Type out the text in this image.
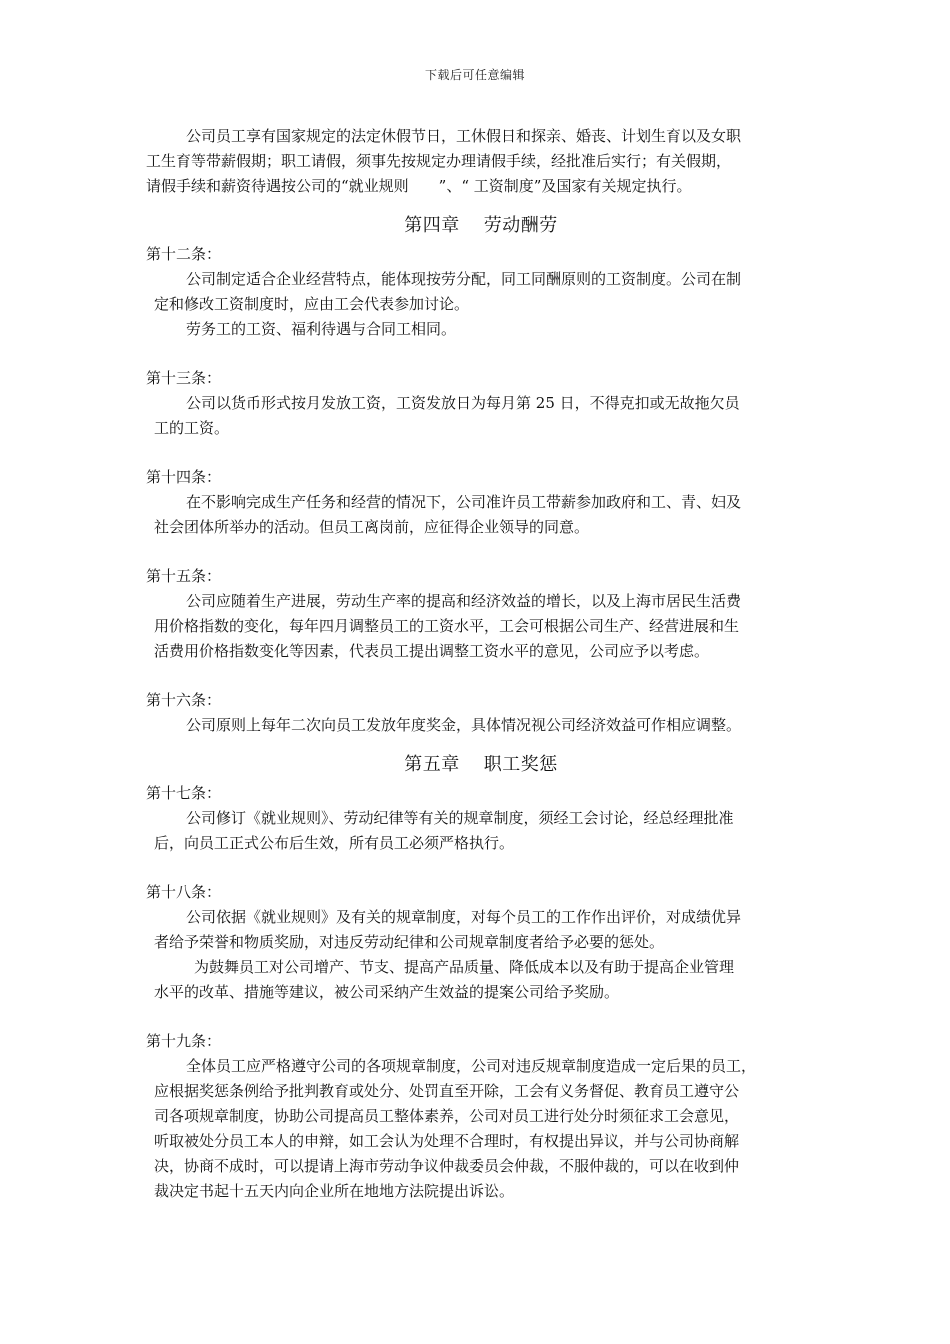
下载后可任意编辑
公司员工享有国家规定的法定休假节日，工休假日和探亲、婚丧、计划生育以及女职
工生育等带薪假期；职工请假，须事先按规定办理请假手续，经批准后实行；有关假期，
请假手续和薪资待遇按公司的“就业规则　　”、“ 工资制度”及国家有关规定执行。
第四章 劳动酬劳
第十二条：
公司制定适合企业经营特点，能体现按劳分配，同工同酬原则的工资制度。公司在制
定和修改工资制度时，应由工会代表参加讨论。
劳务工的工资、福利待遇与合同工相同。
第十三条：
公司以货币形式按月发放工资，工资发放日为每月第 25 日，不得克扣或无故拖欠员
工的工资。
第十四条：
在不影响完成生产任务和经营的情况下，公司准许员工带薪参加政府和工、青、妇及
社会团体所举办的活动。但员工离岗前，应征得企业领导的同意。
第十五条：
公司应随着生产进展，劳动生产率的提高和经济效益的增长，以及上海市居民生活费
用价格指数的变化，每年四月调整员工的工资水平，工会可根据公司生产、经营进展和生
活费用价格指数变化等因素，代表员工提出调整工资水平的意见，公司应予以考虑。
第十六条：
公司原则上每年二次向员工发放年度奖金，具体情况视公司经济效益可作相应调整。
第五章 职工奖惩
第十七条：
公司修订《就业规则》、劳动纪律等有关的规章制度，须经工会讨论，经总经理批准
后，向员工正式公布后生效，所有员工必须严格执行。
第十八条：
公司依据《就业规则》及有关的规章制度，对每个员工的工作作出评价，对成绩优异
者给予荣誉和物质奖励，对违反劳动纪律和公司规章制度者给予必要的惩处。
为鼓舞员工对公司增产、节支、提高产品质量、降低成本以及有助于提高企业管理
水平的改革、措施等建议，被公司采纳产生效益的提案公司给予奖励。
第十九条：
全体员工应严格遵守公司的各项规章制度，公司对违反规章制度造成一定后果的员工，
应根据奖惩条例给予批判教育或处分、处罚直至开除，工会有义务督促、教育员工遵守公
司各项规章制度，协助公司提高员工整体素养，公司对员工进行处分时须征求工会意见，
听取被处分员工本人的申辩，如工会认为处理不合理时，有权提出异议，并与公司协商解
决，协商不成时，可以提请上海市劳动争议仲裁委员会仲裁，不服仲裁的，可以在收到仲
裁决定书起十五天内向企业所在地地方法院提出诉讼。
